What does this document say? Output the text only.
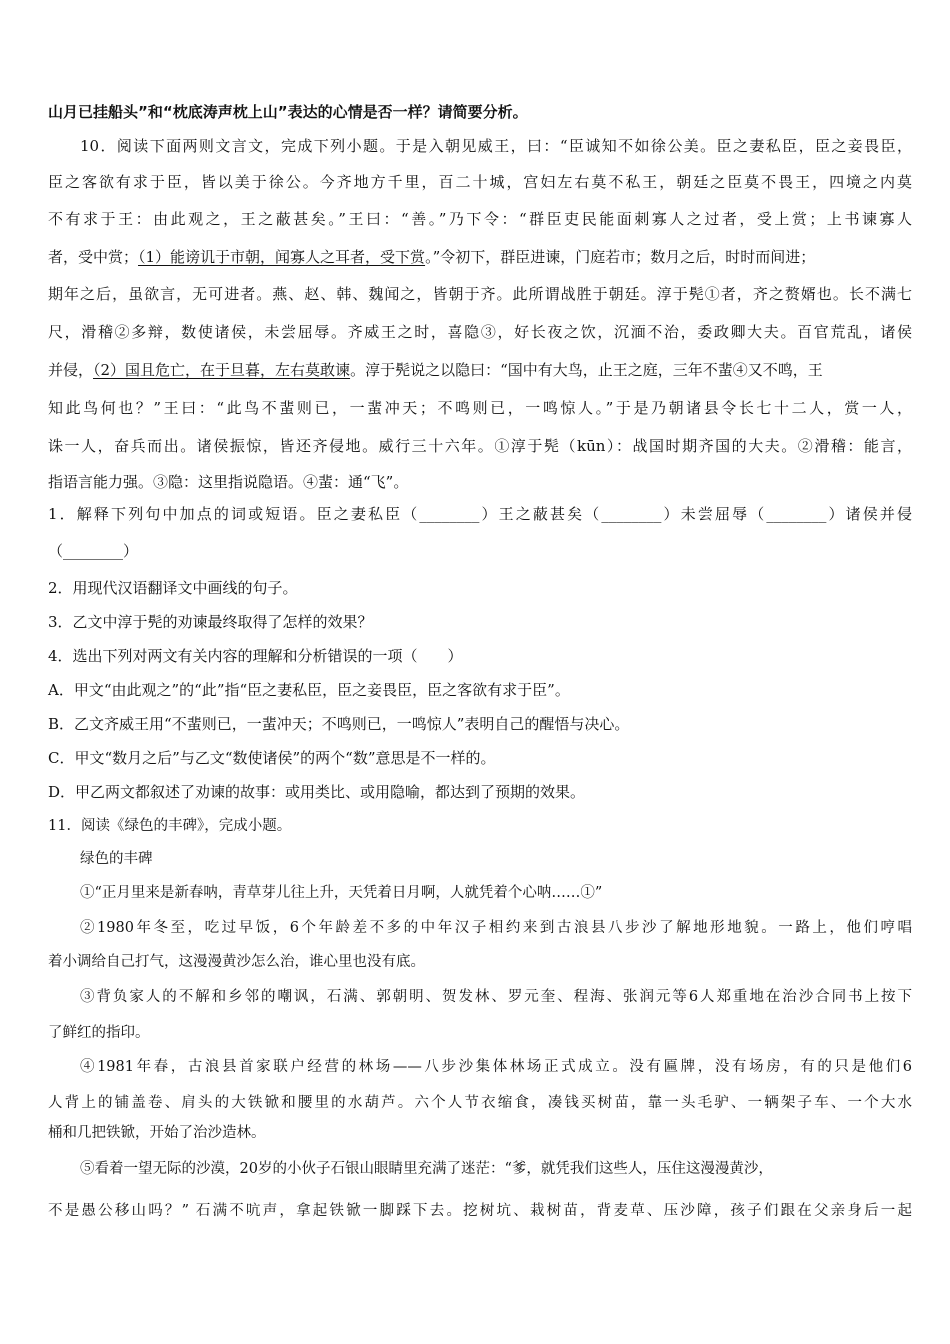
山月已挂船头”和“枕底涛声枕上山”表达的心情是否一样？请简要分析。
10．阅读下面两则文言文，完成下列小题。于是入朝见威王，曰：“臣诚知不如徐公美。臣之妻私臣，臣之妾畏臣，
臣之客欲有求于臣，皆以美于徐公。今齐地方千里，百二十城，宫妇左右莫不私王，朝廷之臣莫不畏王，四境之内莫
不有求于王：由此观之，王之蔽甚矣。”王曰：“善。”乃下令：“群臣吏民能面刺寡人之过者，受上赏；上书谏寡人
者，受中赏；（1）能谤讥于市朝，闻寡人之耳者，受下赏。”令初下，群臣进谏，门庭若市；数月之后，时时而间进；
期年之后，虽欲言，无可进者。燕、赵、韩、魏闻之，皆朝于齐。此所谓战胜于朝廷。淳于髡①者，齐之赘婿也。长不满七
尺，滑稽②多辩，数使诸侯，未尝屈辱。齐威王之时，喜隐③，好长夜之饮，沉湎不治，委政卿大夫。百官荒乱，诸侯
并侵，（2）国且危亡，在于旦暮，左右莫敢谏。淳于髡说之以隐曰：“国中有大鸟，止王之庭，三年不蜚④又不鸣，王
知此鸟何也？”王曰：“此鸟不蜚则已，一蜚冲天；不鸣则已，一鸣惊人。”于是乃朝诸县令长七十二人，赏一人，
诛一人，奋兵而出。诸侯振惊，皆还齐侵地。威行三十六年。①淳于髡（kūn）：战国时期齐国的大夫。②滑稽：能言，
指语言能力强。③隐：这里指说隐语。④蜚：通“飞”。
1．解释下列句中加点的词或短语。臣之妻私臣（________）王之蔽甚矣（________）未尝屈辱（________）诸侯并侵
（________）
2．用现代汉语翻译文中画线的句子。
3．乙文中淳于髡的劝谏最终取得了怎样的效果？
4．选出下列对两文有关内容的理解和分析错误的一项（　　）
A．甲文“由此观之”的“此”指“臣之妻私臣，臣之妾畏臣，臣之客欲有求于臣”。
B．乙文齐威王用“不蜚则已，一蜚冲天；不鸣则已，一鸣惊人”表明自己的醒悟与决心。
C．甲文“数月之后”与乙文“数使诸侯”的两个“数”意思是不一样的。
D．甲乙两文都叙述了劝谏的故事：或用类比、或用隐喻，都达到了预期的效果。
11．阅读《绿色的丰碑》，完成小题。
绿色的丰碑
①“正月里来是新春呐，青草芽儿往上升，天凭着日月啊，人就凭着个心呐……①”
②1980年冬至，吃过早饭，6个年龄差不多的中年汉子相约来到古浪县八步沙了解地形地貌。一路上，他们哼唱
着小调给自己打气，这漫漫黄沙怎么治，谁心里也没有底。
③背负家人的不解和乡邻的嘲讽，石满、郭朝明、贺发林、罗元奎、程海、张润元等6人郑重地在治沙合同书上按下
了鲜红的指印。
④1981年春，古浪县首家联户经营的林场——八步沙集体林场正式成立。没有匾牌，没有场房，有的只是他们6
人背上的铺盖卷、肩头的大铁锨和腰里的水葫芦。六个人节衣缩食，凑钱买树苗，靠一头毛驴、一辆架子车、一个大水
桶和几把铁锨，开始了治沙造林。
⑤看着一望无际的沙漠，20岁的小伙子石银山眼睛里充满了迷茫：“爹，就凭我们这些人，压住这漫漫黄沙，
不是愚公移山吗？” 石满不吭声，拿起铁锨一脚踩下去。挖树坑、栽树苗，背麦草、压沙障，孩子们跟在父亲身后一起
